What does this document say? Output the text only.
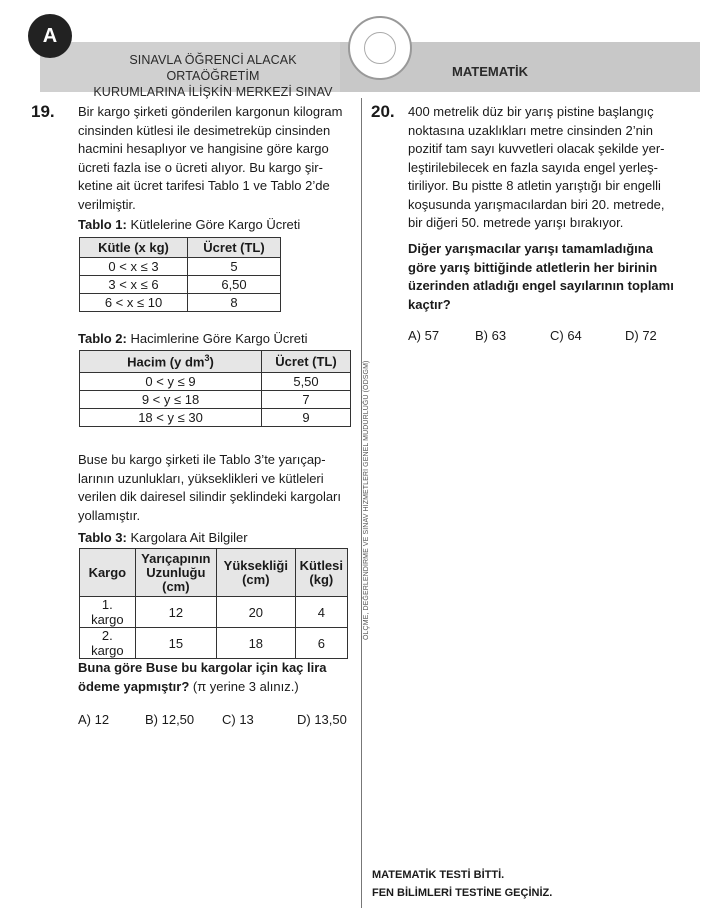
A
SINAVLA ÖĞRENCİ ALACAK ORTAÖĞRETİM
KURUMLARINA İLİŞKİN MERKEZİ SINAV
MATEMATİK
ÖLÇME, DEĞERLENDİRME VE SINAV HİZMETLERİ GENEL MÜDÜRLÜĞÜ (ÖDSGM)
19. Bir kargo şirketi gönderilen kargonun kilogram
cinsinden kütlesi ile desimetreküp cinsinden
hacmini hesaplıyor ve hangisine göre kargo
ücreti fazla ise o ücreti alıyor. Bu kargo şir-
ketine ait ücret tarifesi Tablo 1 ve Tablo 2’de
verilmiştir.
Tablo 1: Kütlelerine Göre Kargo Ücreti
Kütle (x kg)	Ücret (TL)
0 < x ≤ 3	5
3 < x ≤ 6	6,50
6 < x ≤ 10	8
Tablo 2: Hacimlerine Göre Kargo Ücreti
Hacim (y $dm^3$)	Ücret (TL)
0 < y ≤ 9	5,50
9 < y ≤ 18	7
18 < y ≤ 30	9
Buse bu kargo şirketi ile Tablo 3’te yarıçap-
larının uzunlukları, yükseklikleri ve kütleleri
verilen dik dairesel silindir şeklindeki kargoları
yollamıştır.
Tablo 3: Kargolara Ait Bilgiler
Kargo	Yarıçapının Uzunluğu (cm)	Yüksekliği (cm)	Kütlesi (kg)
1. kargo	12	20	4
2. kargo	15	18	6
Buna göre Buse bu kargolar için kaç lira
ödeme yapmıştır? (π yerine 3 alınız.)
A) 12	B) 12,50 C) 13	D) 13,50
20. 400 metrelik düz bir yarış pistine başlangıç
noktasına uzaklıkları metre cinsinden 2’nin
pozitif tam sayı kuvvetleri olacak şekilde yer-
leştirilebilecek en fazla sayıda engel yerleş-
tiriliyor. Bu pistte 8 atletin yarıştığı bir engelli
koşusunda yarışmacılardan biri 20. metrede,
bir diğeri 50. metrede yarışı bırakıyor.
Diğer yarışmacılar yarışı tamamladığına
göre yarış bittiğinde atletlerin her birinin
üzerinden atladığı engel sayılarının toplamı
kaçtır?
A) 57	B) 63	C) 64	D) 72
MATEMATİK TESTİ BİTTİ.
FEN BİLİMLERİ TESTİNE GEÇİNİZ.
